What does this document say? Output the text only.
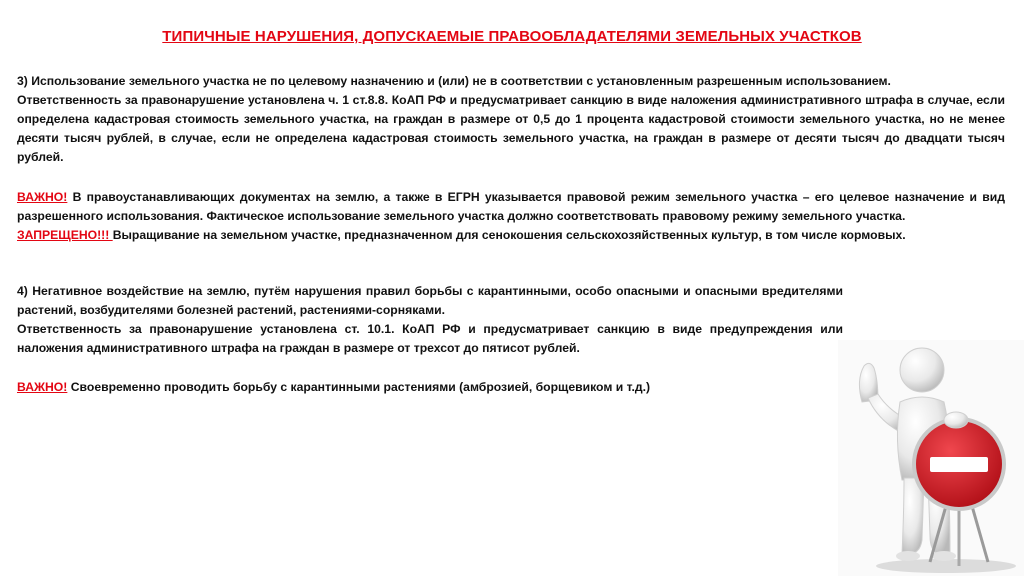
ТИПИЧНЫЕ НАРУШЕНИЯ, ДОПУСКАЕМЫЕ ПРАВООБЛАДАТЕЛЯМИ ЗЕМЕЛЬНЫХ УЧАСТКОВ
3) Использование земельного участка не по целевому назначению и (или) не в соответствии с установленным разрешенным использованием.
Ответственность за правонарушение установлена ч. 1 ст.8.8. КоАП РФ и предусматривает санкцию в виде наложения административного штрафа в случае, если определена кадастровая стоимость земельного участка, на граждан в размере от 0,5 до 1 процента кадастровой стоимости земельного участка, но не менее десяти тысяч рублей, в случае, если не определена кадастровая стоимость земельного участка, на граждан в размере от десяти тысяч до двадцати тысяч рублей.
ВАЖНО! В правоустанавливающих документах на землю, а также в ЕГРН указывается правовой режим земельного участка – его целевое назначение и вид разрешенного использования. Фактическое использование земельного участка должно соответствовать правовому режиму земельного участка.
ЗАПРЕЩЕНО!!! Выращивание на земельном участке, предназначенном для сенокошения сельскохозяйственных культур, в том числе кормовых.
4) Негативное воздействие на землю, путём нарушения правил борьбы с карантинными, особо опасными и опасными вредителями растений, возбудителями болезней растений, растениями-сорняками.
Ответственность за правонарушение установлена ст. 10.1. КоАП РФ и предусматривает санкцию в виде предупреждения или наложения административного штрафа на граждан в размере от трехсот до пятисот рублей.
ВАЖНО! Своевременно проводить борьбу с карантинными растениями (амброзией, борщевиком и т.д.)
